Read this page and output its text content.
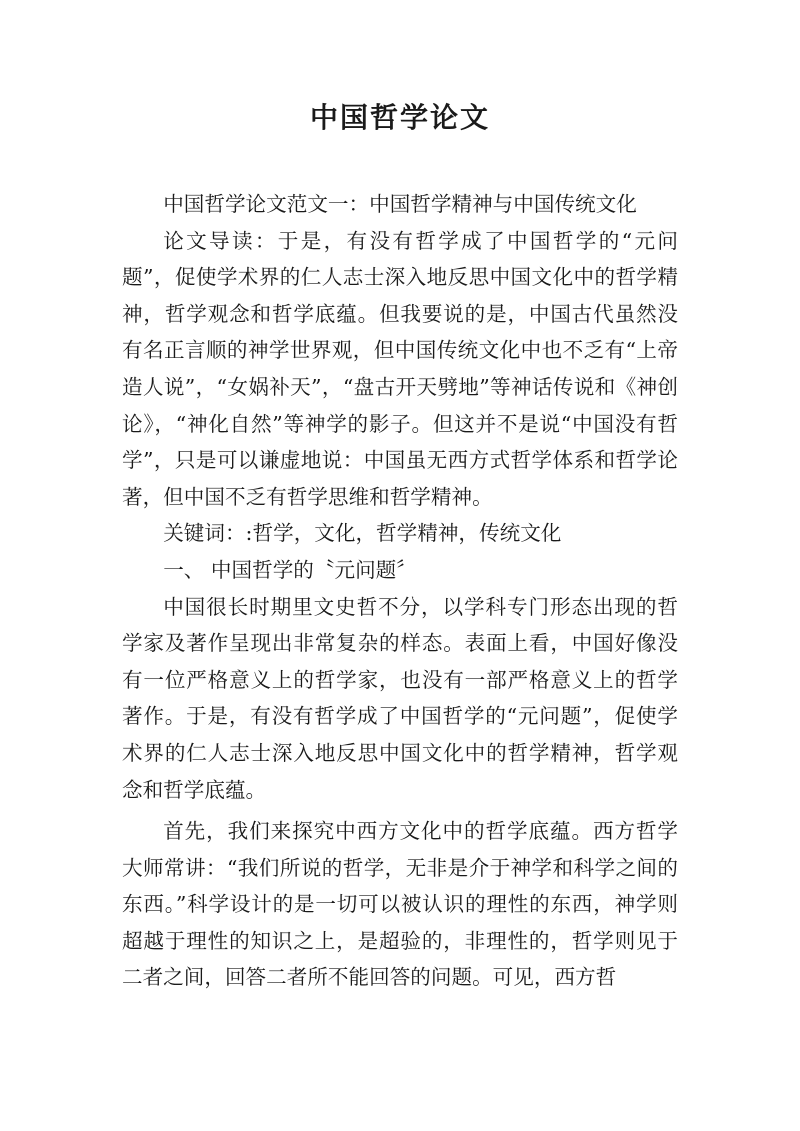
中国哲学论文

中国哲学论文范文一：中国哲学精神与中国传统文化

论文导读：于是，有没有哲学成了中国哲学的“元问题”，促使学术界的仁人志士深入地反思中国文化中的哲学精神，哲学观念和哲学底蕴。但我要说的是，中国古代虽然没有名正言顺的神学世界观，但中国传统文化中也不乏有“上帝造人说”，“女娲补天”，“盘古开天劈地”等神话传说和《神创论》，“神化自然”等神学的影子。但这并不是说“中国没有哲学”，只是可以谦虚地说：中国虽无西方式哲学体系和哲学论著，但中国不乏有哲学思维和哲学精神。

关键词：:哲学，文化，哲学精神，传统文化

一、 中国哲学的〝元问题〞

中国很长时期里文史哲不分，以学科专门形态出现的哲学家及著作呈现出非常复杂的样态。表面上看，中国好像没有一位严格意义上的哲学家，也没有一部严格意义上的哲学著作。于是，有没有哲学成了中国哲学的“元问题”，促使学术界的仁人志士深入地反思中国文化中的哲学精神，哲学观念和哲学底蕴。

首先，我们来探究中西方文化中的哲学底蕴。西方哲学大师常讲：“我们所说的哲学，无非是介于神学和科学之间的东西。”科学设计的是一切可以被认识的理性的东西，神学则超越于理性的知识之上，是超验的，非理性的，哲学则见于二者之间，回答二者所不能回答的问题。可见，西方哲
